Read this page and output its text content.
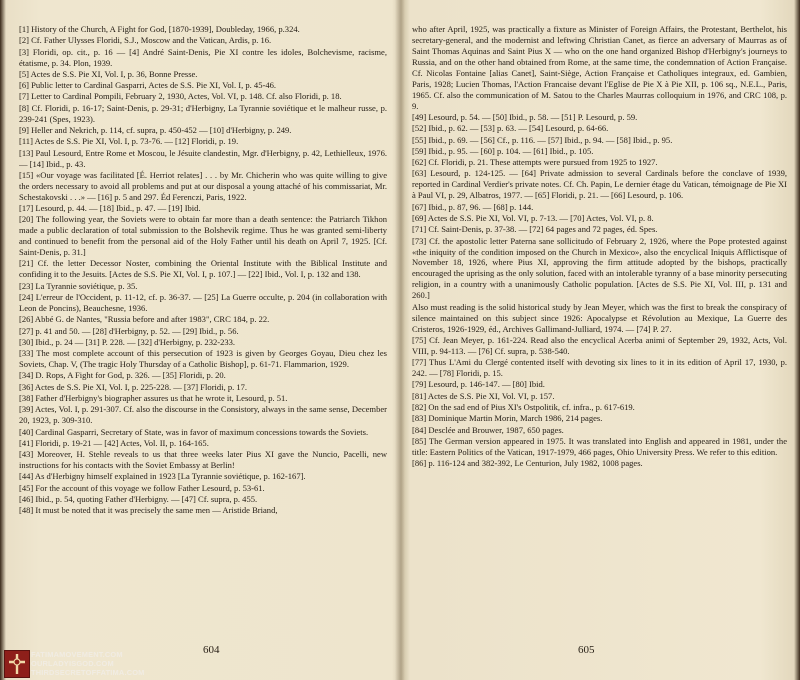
[1] History of the Church, A Fight for God, [1870-1939], Doubleday, 1966, p.324.

[2] Cf. Father Ulysses Floridi, S.J., Moscow and the Vatican, Ardis, p. 16.

[3] Floridi, op. cit., p. 16 — [4] André Saint-Denis, Pie XI contre les idoles, Bolchevisme, racisme, étatisme, p. 34. Plon, 1939.

[5] Actes de S.S. Pie XI, Vol. I, p. 36, Bonne Presse.

[6] Public letter to Cardinal Gasparri, Actes de S.S. Pie XI, Vol. I, p. 45-46.

[7] Letter to Cardinal Pompili, February 2, 1930, Actes, Vol. VI, p. 148. Cf. also Floridi, p. 18.

[8] Cf. Floridi, p. 16-17; Saint-Denis, p. 29-31; d'Herbigny, La Tyrannie soviétique et le malheur russe, p. 239-241 (Spes, 1923).

[9] Heller and Nekrich, p. 114, cf. supra, p. 450-452 — [10] d'Herbigny, p. 249.

[11] Actes de S.S. Pie XI, Vol. I, p. 73-76. — [12] Floridi, p. 19.

[13] Paul Lesourd, Entre Rome et Moscou, le Jésuite clandestin, Mgr. d'Herbigny, p. 42, Lethielleux, 1976. — [14] Ibid., p. 43.

[15] «Our voyage was facilitated [É. Herriot relates] . . . by Mr. Chicherin who was quite willing to give the orders necessary to avoid all problems and put at our disposal a young attaché of his commissariat, Mr. Schestakovski . . .» — [16] p. 5 and 297. Éd Ferenczi, Paris, 1922.

[17] Lesourd, p. 44. — [18] Ibid., p. 47. — [19] Ibid.

[20] The following year, the Soviets were to obtain far more than a death sentence: the Patriarch Tikhon made a public declaration of total submission to the Bolshevik regime. Thus he was granted semi-liberty and continued to benefit from the personal aid of the Holy Father until his death on April 7, 1925. [Cf. Saint-Denis, p. 31.]

[21] Cf. the letter Decessor Noster, combining the Oriental Institute with the Biblical Institute and confiding it to the Jesuits. [Actes de S.S. Pie XI, Vol. I, p. 107.] — [22] Ibid., Vol. I, p. 132 and 138.

[23] La Tyrannie soviétique, p. 35.

[24] L'erreur de l'Occident, p. 11-12, cf. p. 36-37. — [25] La Guerre occulte, p. 204 (in collaboration with Leon de Poncins), Beauchesne, 1936.

[26] Abbé G. de Nantes, "Russia before and after 1983", CRC 184, p. 22.

[27] p. 41 and 50. — [28] d'Herbigny, p. 52. — [29] Ibid., p. 56.

[30] Ibid., p. 24 — [31] P. 228. — [32] d'Herbigny, p. 232-233.

[33] The most complete account of this persecution of 1923 is given by Georges Goyau, Dieu chez les Soviets, Chap. V, (The tragic Holy Thursday of a Catholic Bishop], p. 61-71. Flammarion, 1929.

[34] D. Rops, A Fight for God, p. 326. — [35] Floridi, p. 20.

[36] Actes de S.S. Pie XI, Vol. I, p. 225-228. — [37] Floridi, p. 17.

[38] Father d'Herbigny's biographer assures us that he wrote it, Lesourd, p. 51.

[39] Actes, Vol. I, p. 291-307. Cf. also the discourse in the Consistory, always in the same sense, December 20, 1923, p. 309-310.

[40] Cardinal Gasparri, Secretary of State, was in favor of maximum concessions towards the Soviets.

[41] Floridi, p. 19-21 — [42] Actes, Vol. II, p. 164-165.

[43] Moreover, H. Stehle reveals to us that three weeks later Pius XI gave the Nuncio, Pacelli, new instructions for his contacts with the Soviet Embassy at Berlin!

[44] As d'Herbigny himself explained in 1923 [La Tyrannie soviétique, p. 162-167].

[45] For the account of this voyage we follow Father Lesourd, p. 53-61.

[46] Ibid., p. 54, quoting Father d'Herbigny. — [47] Cf. supra, p. 455.

[48] It must be noted that it was precisely the same men — Aristide Briand,

who after April, 1925, was practically a fixture as Minister of Foreign Affairs, the Protestant, Berthelot, his secretary-general, and the modernist and leftwing Christian Canet, as fierce an adversary of Maurras as of Saint Thomas Aquinas and Saint Pius X — who on the one hand organized Bishop d'Herbigny's journeys to Russia, and on the other hand obtained from Rome, at the same time, the condemnation of Action Française. Cf. Nicolas Fontaine [alias Canet], Saint-Siège, Action Française et Catholiques integraux, ed. Gambien, Paris, 1928; Lucien Thomas, l'Action Francaise devant l'Eglise de Pie X à Pie XII, p. 106 sq., N.E.L., Paris, 1965. Cf. also the communication of M. Satou to the Charles Maurras colloquium in 1976, and CRC 108, p. 9.

[49] Lesourd, p. 54. — [50] Ibid., p. 58. — [51] P. Lesourd, p. 59.

[52] Ibid., p. 62. — [53] p. 63. — [54] Lesourd, p. 64-66.

[55] Ibid., p. 69. — [56] Cf., p. 116. — [57] Ibid., p. 94. — [58] Ibid., p. 95.

[59] Ibid., p. 95. — [60] p. 104. — [61] Ibid., p. 105.

[62] Cf. Floridi, p. 21. These attempts were pursued from 1925 to 1927.

[63] Lesourd, p. 124-125. — [64] Private admission to several Cardinals before the conclave of 1939, reported in Cardinal Verdier's private notes. Cf. Ch. Papin, Le dernier étage du Vatican, témoignage de Pie XI à Paul VI, p. 29, Albatros, 1977. — [65] Floridi, p. 21. — [66] Lesourd, p. 106.

[67] Ibid., p. 87, 96. — [68] p. 144.

[69] Actes de S.S. Pie XI, Vol. VI, p. 7-13. — [70] Actes, Vol. VI, p. 8.

[71] Cf. Saint-Denis, p. 37-38. — [72] 64 pages and 72 pages, éd. Spes.

[73] Cf. the apostolic letter Paterna sane sollicitudo of February 2, 1926, where the Pope protested against «the iniquity of the condition imposed on the Church in Mexico», also the encyclical Iniquis Afflictisque of November 18, 1926, where Pius XI, approving the firm attitude adopted by the bishops, practically encouraged the uprising as the only solution, faced with an intolerable tyranny of a base minority persecuting religion, in a country with a unanimously Catholic population. [Actes de S.S. Pie XI, Vol. III, p. 131 and 260.]

Also must reading is the solid historical study by Jean Meyer, which was the first to break the conspiracy of silence maintained on this subject since 1926: Apocalypse et Révolution au Mexique, La Guerre des Cristeros, 1926-1929, éd., Archives Gallimand-Julliard, 1974. — [74] P. 27.

[75] Cf. Jean Meyer, p. 161-224. Read also the encyclical Acerba animi of September 29, 1932, Acts, Vol. VIII, p. 94-113. — [76] Cf. supra, p. 538-540.

[77] Thus L'Ami du Clergé contented itself with devoting six lines to it in its edition of April 17, 1930, p. 242. — [78] Floridi, p. 15.

[79] Lesourd, p. 146-147. — [80] Ibid.

[81] Actes de S.S. Pie XI, Vol. VI, p. 157.

[82] On the sad end of Pius XI's Ostpolitik, cf. infra., p. 617-619.

[83] Dominique Martin Morin, March 1986, 214 pages.

[84] Desclée and Brouwer, 1987, 650 pages.

[85] The German version appeared in 1975. It was translated into English and appeared in 1981, under the title: Eastern Politics of the Vatican, 1917-1979, 466 pages, Ohio University Press. We refer to this edition.

[86] p. 116-124 and 382-392, Le Centurion, July 1982, 1008 pages.

604	605
FATIMAMOVEMENT.COM
OURLADYISGOD.COM
THIRDSECRETOFFATIMA.COM
